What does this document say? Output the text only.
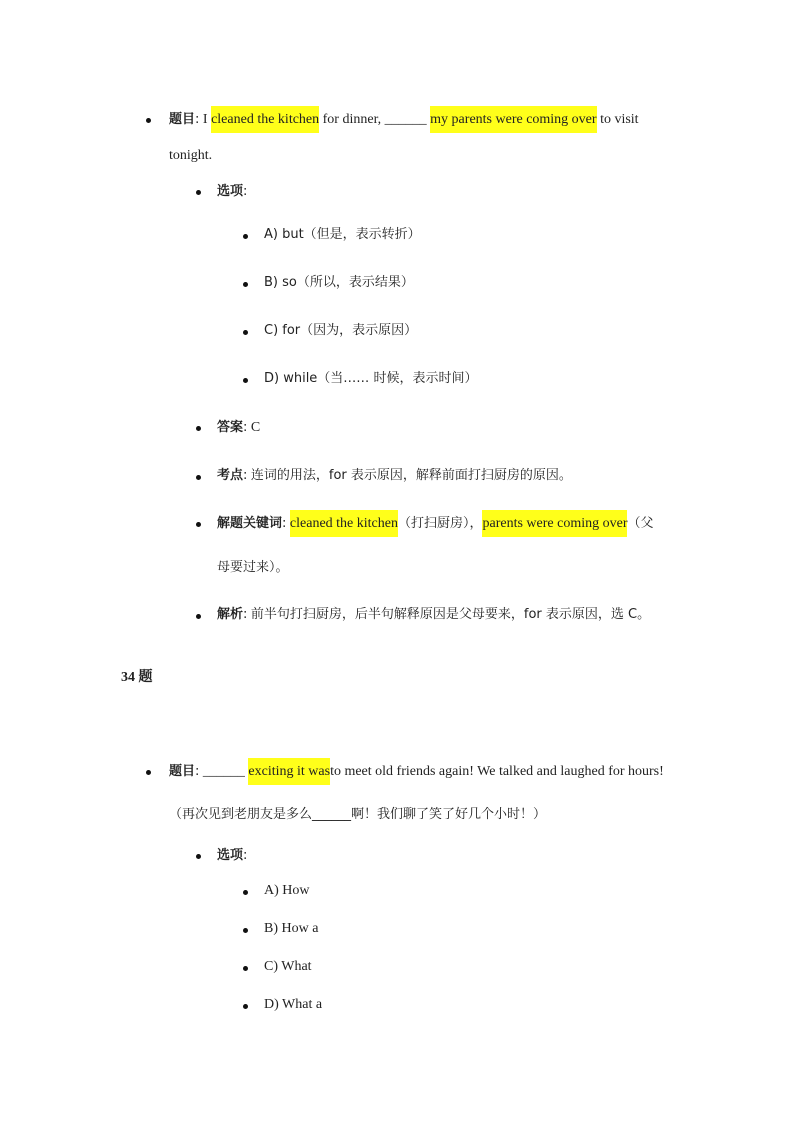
题目: I cleaned the kitchen for dinner, ______ my parents were coming over to visit
tonight.
选项:
A) but（但是，表示转折）
B) so（所以，表示结果）
C) for（因为，表示原因）
D) while（当…… 时候，表示时间）
答案: C
考点: 连词的用法，for 表示原因，解释前面打扫厨房的原因。
解题关键词: cleaned the kitchen（打扫厨房），parents were coming over（父
母要过来）。
解析: 前半句打扫厨房，后半句解释原因是父母要来，for 表示原因，选 C。
34 题
题目: ______ exciting it wasto meet old friends again! We talked and laughed for hours!
（再次见到老朋友是多么______啊！我们聊了笑了好几个小时！）
选项:
A) How
B) How a
C) What
D) What a
